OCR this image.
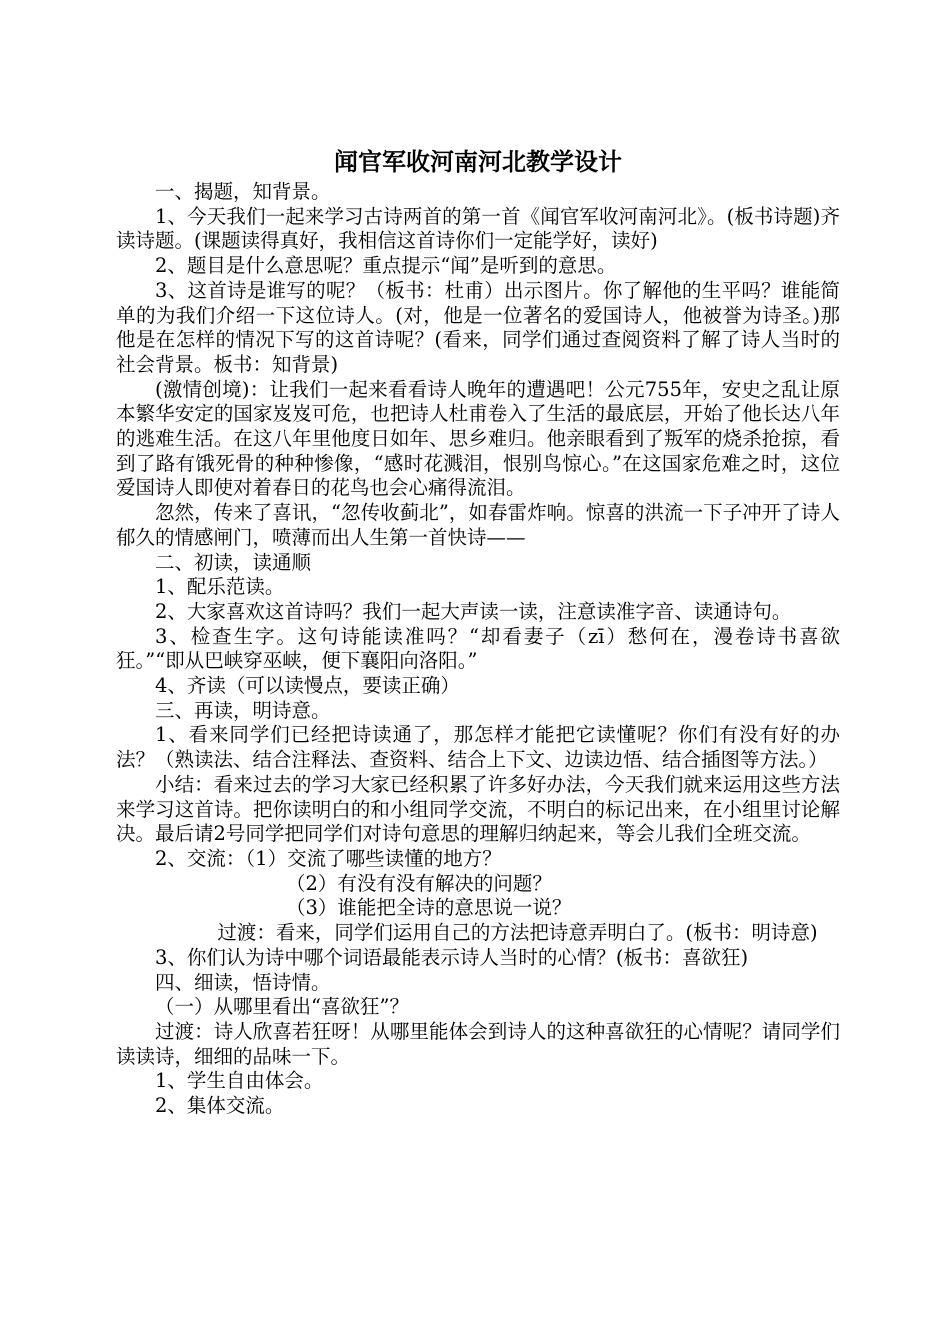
闻官军收河南河北教学设计

一、揭题，知背景。

1、今天我们一起来学习古诗两首的第一首《闻官军收河南河北》。(板书诗题)齐读诗题。(课题读得真好，我相信这首诗你们一定能学好，读好)

2、题目是什么意思呢？重点提示“闻”是听到的意思。

3、这首诗是谁写的呢？（板书：杜甫）出示图片。你了解他的生平吗？谁能简单的为我们介绍一下这位诗人。(对，他是一位著名的爱国诗人，他被誉为诗圣。)那他是在怎样的情况下写的这首诗呢？(看来，同学们通过查阅资料了解了诗人当时的社会背景。板书：知背景)

(激情创境)：让我们一起来看看诗人晚年的遭遇吧！公元755年，安史之乱让原本繁华安定的国家岌岌可危，也把诗人杜甫卷入了生活的最底层，开始了他长达八年的逃难生活。在这八年里他度日如年、思乡难归。他亲眼看到了叛军的烧杀抢掠，看到了路有饿死骨的种种惨像，“感时花溅泪，恨别鸟惊心。”在这国家危难之时，这位爱国诗人即使对着春日的花鸟也会心痛得流泪。

忽然，传来了喜讯，“忽传收蓟北”，如春雷炸响。惊喜的洪流一下子冲开了诗人郁久的情感闸门，喷薄而出人生第一首快诗——

二、初读，读通顺

1、配乐范读。

2、大家喜欢这首诗吗？我们一起大声读一读，注意读准字音、读通诗句。

3、检查生字。这句诗能读准吗？“却看妻子（zī）愁何在，漫卷诗书喜欲狂。”“即从巴峡穿巫峡，便下襄阳向洛阳。”

4、齐读（可以读慢点，要读正确）

三、再读，明诗意。

1、看来同学们已经把诗读通了，那怎样才能把它读懂呢？你们有没有好的办法？（熟读法、结合注释法、查资料、结合上下文、边读边悟、结合插图等方法。）

小结：看来过去的学习大家已经积累了许多好办法，今天我们就来运用这些方法来学习这首诗。把你读明白的和小组同学交流，不明白的标记出来，在小组里讨论解决。最后请2号同学把同学们对诗句意思的理解归纳起来，等会儿我们全班交流。

2、交流：（1）交流了哪些读懂的地方？

（2）有没有没有解决的问题？

（3）谁能把全诗的意思说一说？

过渡：看来，同学们运用自己的方法把诗意弄明白了。(板书：明诗意)

3、你们认为诗中哪个词语最能表示诗人当时的心情？(板书：喜欲狂)

四、细读，悟诗情。

（一）从哪里看出“喜欲狂”？

过渡：诗人欣喜若狂呀！从哪里能体会到诗人的这种喜欲狂的心情呢？请同学们读读诗，细细的品味一下。

1、学生自由体会。

2、集体交流。
